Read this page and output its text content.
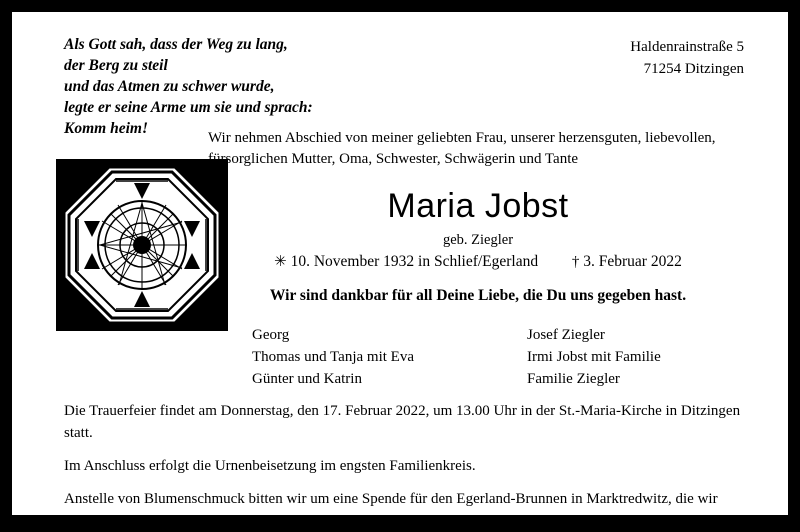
Als Gott sah, dass der Weg zu lang,
der Berg zu steil
und das Atmen zu schwer wurde,
legte er seine Arme um sie und sprach:
Komm heim!
Haldenrainstraße 5
71254 Ditzingen
Wir nehmen Abschied von meiner geliebten Frau, unserer herzensguten, liebevollen, fürsorglichen Mutter, Oma, Schwester, Schwägerin und Tante
Maria Jobst
geb. Ziegler
✳ 10. November 1932 in Schlief/Egerland † 3. Februar 2022
Wir sind dankbar für all Deine Liebe, die Du uns gegeben hast.
Georg
Thomas und Tanja mit Eva
Günter und Katrin
Josef Ziegler
Irmi Jobst mit Familie
Familie Ziegler

Die Trauerfeier findet am Donnerstag, den 17. Februar 2022, um 13.00 Uhr in der St.-Maria-Kirche in Ditzingen statt.

Im Anschluss erfolgt die Urnenbeisetzung im engsten Familienkreis.

Anstelle von Blumenschmuck bitten wir um eine Spende für den Egerland-Brunnen in Marktredwitz, die wir gerne weiterleiten.
